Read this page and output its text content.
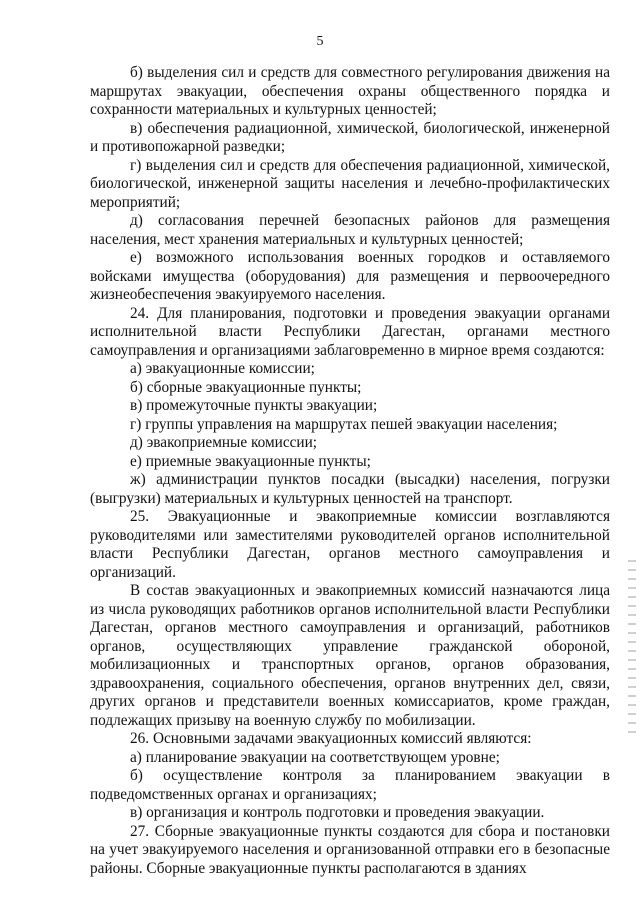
5

б) выделения сил и средств для совместного регулирования движения на маршрутах эвакуации, обеспечения охраны общественного порядка и сохранности материальных и культурных ценностей;

в) обеспечения радиационной, химической, биологической, инженерной и противопожарной разведки;

г) выделения сил и средств для обеспечения радиационной, химической, биологической, инженерной защиты населения и лечебно-профилактических мероприятий;

д) согласования перечней безопасных районов для размещения населения, мест хранения материальных и культурных ценностей;

е) возможного использования военных городков и оставляемого войсками имущества (оборудования) для размещения и первоочередного жизнеобеспечения эвакуируемого населения.

24. Для планирования, подготовки и проведения эвакуации органами исполнительной власти Республики Дагестан, органами местного самоуправления и организациями заблаговременно в мирное время создаются:

а) эвакуационные комиссии;

б) сборные эвакуационные пункты;

в) промежуточные пункты эвакуации;

г) группы управления на маршрутах пешей эвакуации населения;

д) эвакоприемные комиссии;

е) приемные эвакуационные пункты;

ж) администрации пунктов посадки (высадки) населения, погрузки (выгрузки) материальных и культурных ценностей на транспорт.

25. Эвакуационные и эвакоприемные комиссии возглавляются руководителями или заместителями руководителей органов исполнительной власти Республики Дагестан, органов местного самоуправления и организаций.

В состав эвакуационных и эвакоприемных комиссий назначаются лица из числа руководящих работников органов исполнительной власти Республики Дагестан, органов местного самоуправления и организаций, работников органов, осуществляющих управление гражданской обороной, мобилизационных и транспортных органов, органов образования, здравоохранения, социального обеспечения, органов внутренних дел, связи, других органов и представители военных комиссариатов, кроме граждан, подлежащих призыву на военную службу по мобилизации.

26. Основными задачами эвакуационных комиссий являются:

а) планирование эвакуации на соответствующем уровне;

б) осуществление контроля за планированием эвакуации в подведомственных органах и организациях;

в) организация и контроль подготовки и проведения эвакуации.

27. Сборные эвакуационные пункты создаются для сбора и постановки на учет эвакуируемого населения и организованной отправки его в безопасные районы. Сборные эвакуационные пункты располагаются в зданиях
